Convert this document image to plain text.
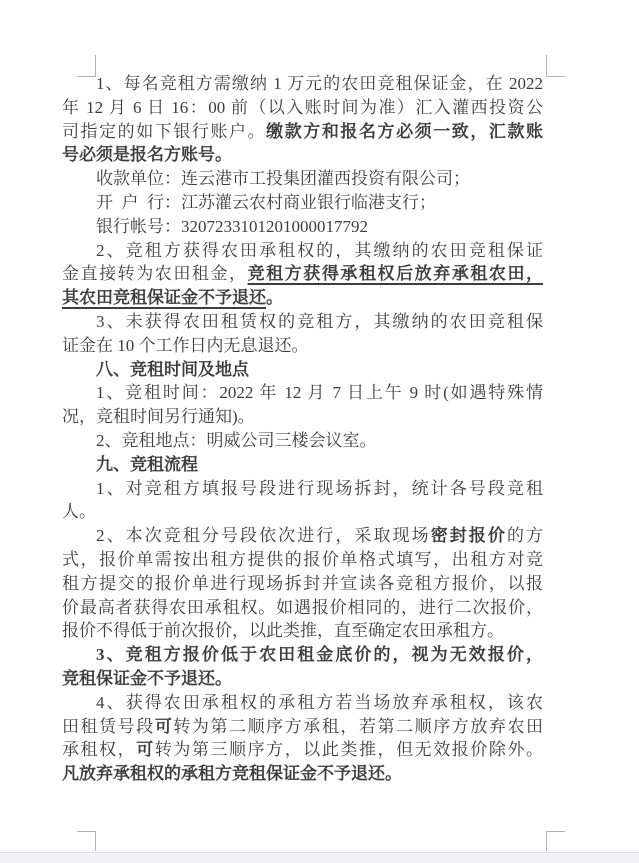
1、每名竞租方需缴纳 1 万元的农田竞租保证金，在 2022
年 12 月 6 日 16：00 前（以入账时间为准）汇入灌西投资公
司指定的如下银行账户。缴款方和报名方必须一致，汇款账
号必须是报名方账号。
收款单位：连云港市工投集团灌西投资有限公司；
开 户 行：江苏灌云农村商业银行临港支行；
银行帐号：3207233101201000017792
2、竞租方获得农田承租权的，其缴纳的农田竞租保证
金直接转为农田租金，竞租方获得承租权后放弃承租农田，
其农田竞租保证金不予退还。
3、未获得农田租赁权的竞租方，其缴纳的农田竞租保
证金在 10 个工作日内无息退还。
八、竞租时间及地点
1、竞租时间：2022 年 12 月 7 日上午 9 时(如遇特殊情
况，竞租时间另行通知)。
2、竞租地点：明威公司三楼会议室。
九、竞租流程
1、对竞租方填报号段进行现场拆封，统计各号段竞租
人。
2、本次竞租分号段依次进行，采取现场密封报价的方
式，报价单需按出租方提供的报价单格式填写，出租方对竞
租方提交的报价单进行现场拆封并宣读各竞租方报价，以报
价最高者获得农田承租权。如遇报价相同的，进行二次报价，
报价不得低于前次报价，以此类推，直至确定农田承租方。
3、竞租方报价低于农田租金底价的，视为无效报价，
竞租保证金不予退还。
4、获得农田承租权的承租方若当场放弃承租权，该农
田租赁号段可转为第二顺序方承租，若第二顺序方放弃农田
承租权，可转为第三顺序方，以此类推，但无效报价除外。
凡放弃承租权的承租方竞租保证金不予退还。
